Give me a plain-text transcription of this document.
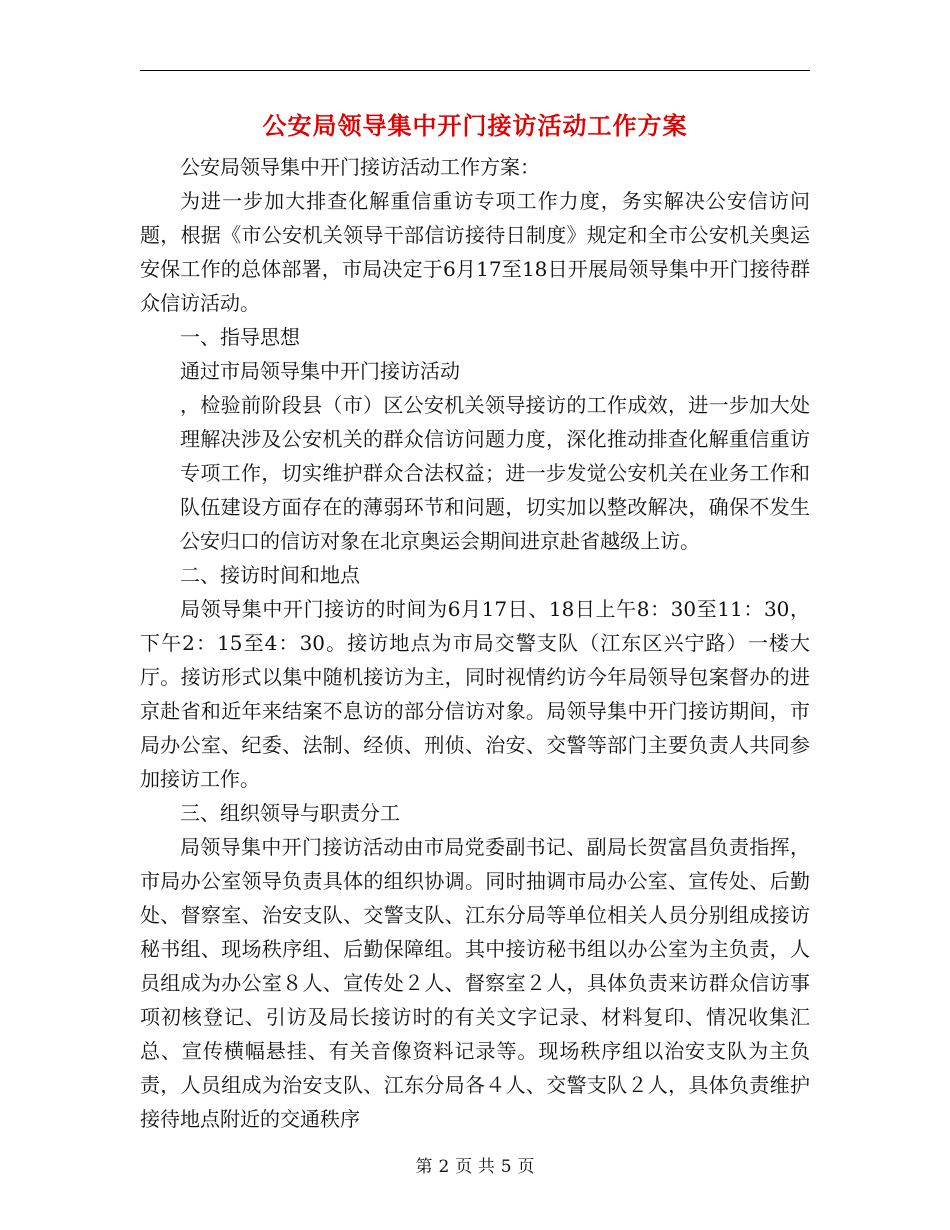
公安局领导集中开门接访活动工作方案

公安局领导集中开门接访活动工作方案：

为进一步加大排查化解重信重访专项工作力度，务实解决公安信访问题，根据《市公安机关领导干部信访接待日制度》规定和全市公安机关奥运安保工作的总体部署，市局决定于6月17至18日开展局领导集中开门接待群众信访活动。

一、指导思想

通过市局领导集中开门接访活动

，检验前阶段县（市）区公安机关领导接访的工作成效，进一步加大处理解决涉及公安机关的群众信访问题力度，深化推动排查化解重信重访专项工作，切实维护群众合法权益；进一步发觉公安机关在业务工作和队伍建设方面存在的薄弱环节和问题，切实加以整改解决，确保不发生公安归口的信访对象在北京奥运会期间进京赴省越级上访。

二、接访时间和地点

局领导集中开门接访的时间为6月17日、18日上午8：30至11：30，下午2：15至4：30。接访地点为市局交警支队（江东区兴宁路）一楼大厅。接访形式以集中随机接访为主，同时视情约访今年局领导包案督办的进京赴省和近年来结案不息访的部分信访对象。局领导集中开门接访期间，市局办公室、纪委、法制、经侦、刑侦、治安、交警等部门主要负责人共同参加接访工作。

三、组织领导与职责分工

局领导集中开门接访活动由市局党委副书记、副局长贺富昌负责指挥，市局办公室领导负责具体的组织协调。同时抽调市局办公室、宣传处、后勤处、督察室、治安支队、交警支队、江东分局等单位相关人员分别组成接访秘书组、现场秩序组、后勤保障组。其中接访秘书组以办公室为主负责，人员组成为办公室８人、宣传处２人、督察室２人，具体负责来访群众信访事项初核登记、引访及局长接访时的有关文字记录、材料复印、情况收集汇总、宣传横幅悬挂、有关音像资料记录等。现场秩序组以治安支队为主负责，人员组成为治安支队、江东分局各４人、交警支队２人，具体负责维护接待地点附近的交通秩序

第 2 页 共 5 页
